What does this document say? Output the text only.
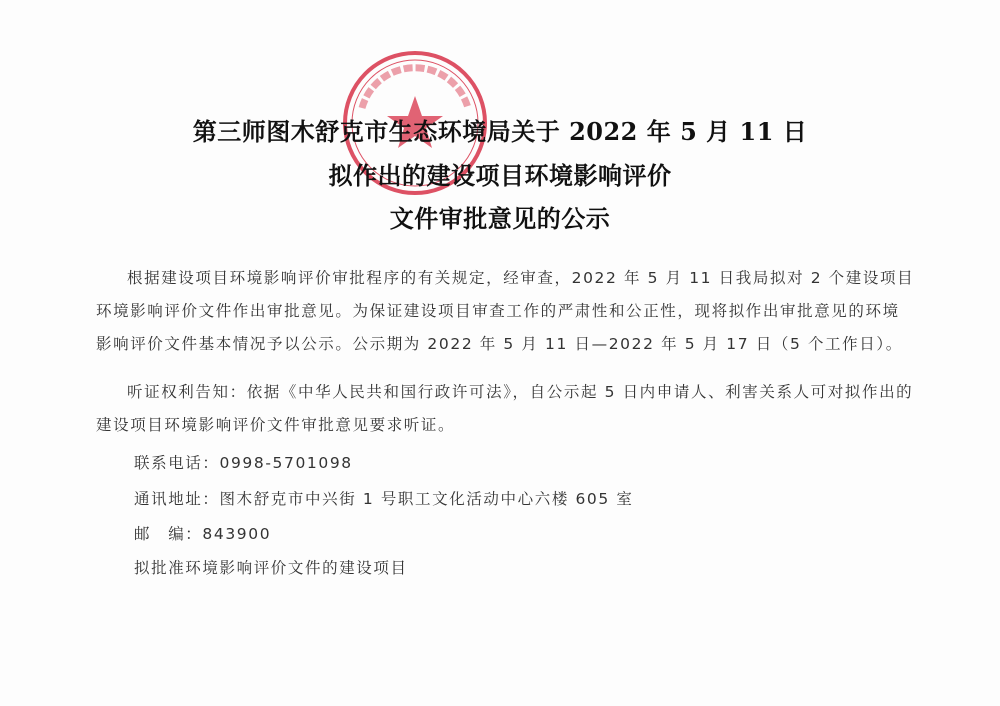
第三师图木舒克市生态环境局关于 2022 年 5 月 11 日
拟作出的建设项目环境影响评价
文件审批意见的公示

根据建设项目环境影响评价审批程序的有关规定，经审查，2022 年 5 月 11 日我局拟对 2 个建设项目环境影响评价文件作出审批意见。为保证建设项目审查工作的严肃性和公正性，现将拟作出审批意见的环境影响评价文件基本情况予以公示。公示期为 2022 年 5 月 11 日—2022 年 5 月 17 日（5 个工作日）。

听证权利告知：依据《中华人民共和国行政许可法》，自公示起 5 日内申请人、利害关系人可对拟作出的建设项目环境影响评价文件审批意见要求听证。

联系电话：0998-5701098
通讯地址：图木舒克市中兴街 1 号职工文化活动中心六楼 605 室
邮　编：843900
拟批准环境影响评价文件的建设项目
